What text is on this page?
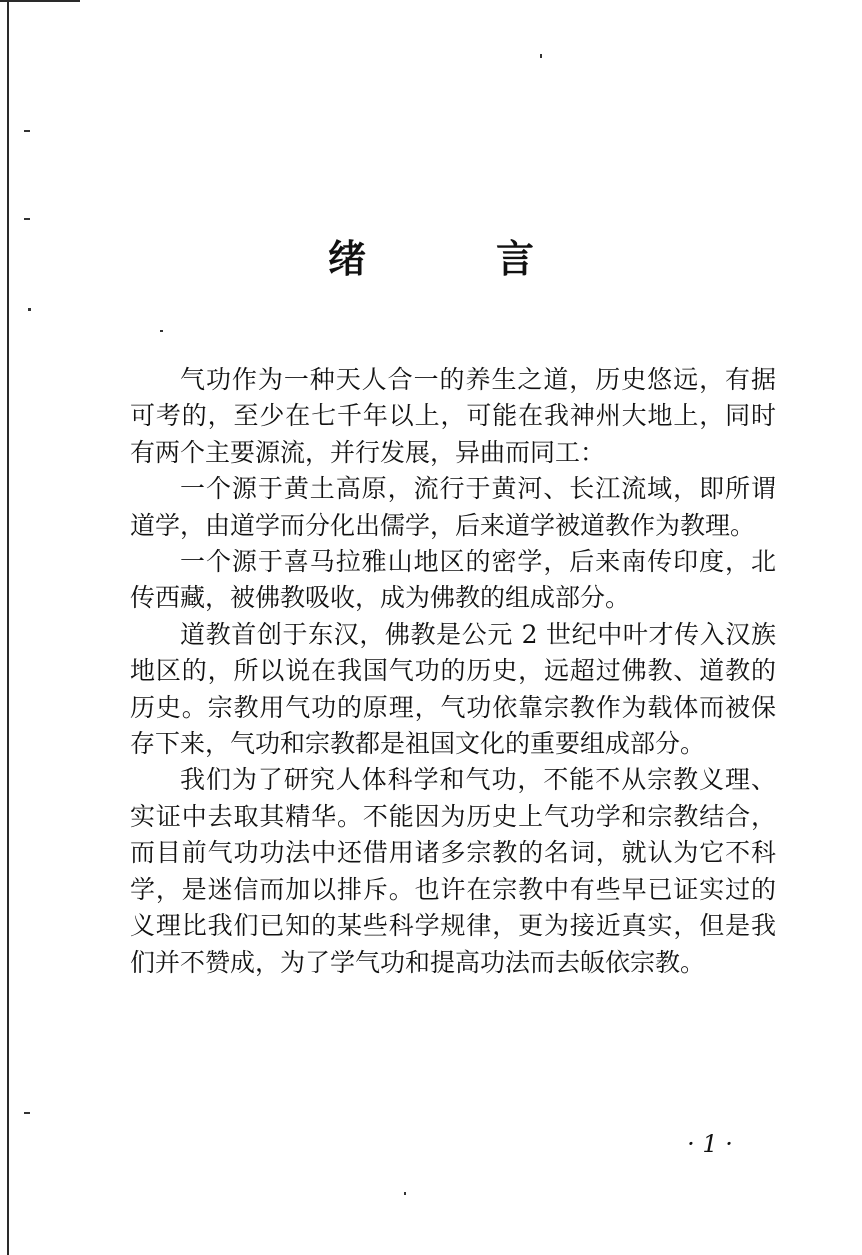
绪　言

气功作为一种天人合一的养生之道，历史悠远，有据可考的，至少在七千年以上，可能在我神州大地上，同时有两个主要源流，并行发展，异曲而同工：

一个源于黄土高原，流行于黄河、长江流域，即所谓道学，由道学而分化出儒学，后来道学被道教作为教理。

一个源于喜马拉雅山地区的密学，后来南传印度，北传西藏，被佛教吸收，成为佛教的组成部分。

道教首创于东汉，佛教是公元 2 世纪中叶才传入汉族地区的，所以说在我国气功的历史，远超过佛教、道教的历史。宗教用气功的原理，气功依靠宗教作为载体而被保存下来，气功和宗教都是祖国文化的重要组成部分。

我们为了研究人体科学和气功，不能不从宗教义理、实证中去取其精华。不能因为历史上气功学和宗教结合，而目前气功功法中还借用诸多宗教的名词，就认为它不科学，是迷信而加以排斥。也许在宗教中有些早已证实过的义理比我们已知的某些科学规律，更为接近真实，但是我们并不赞成，为了学气功和提高功法而去皈依宗教。

· 1 ·
